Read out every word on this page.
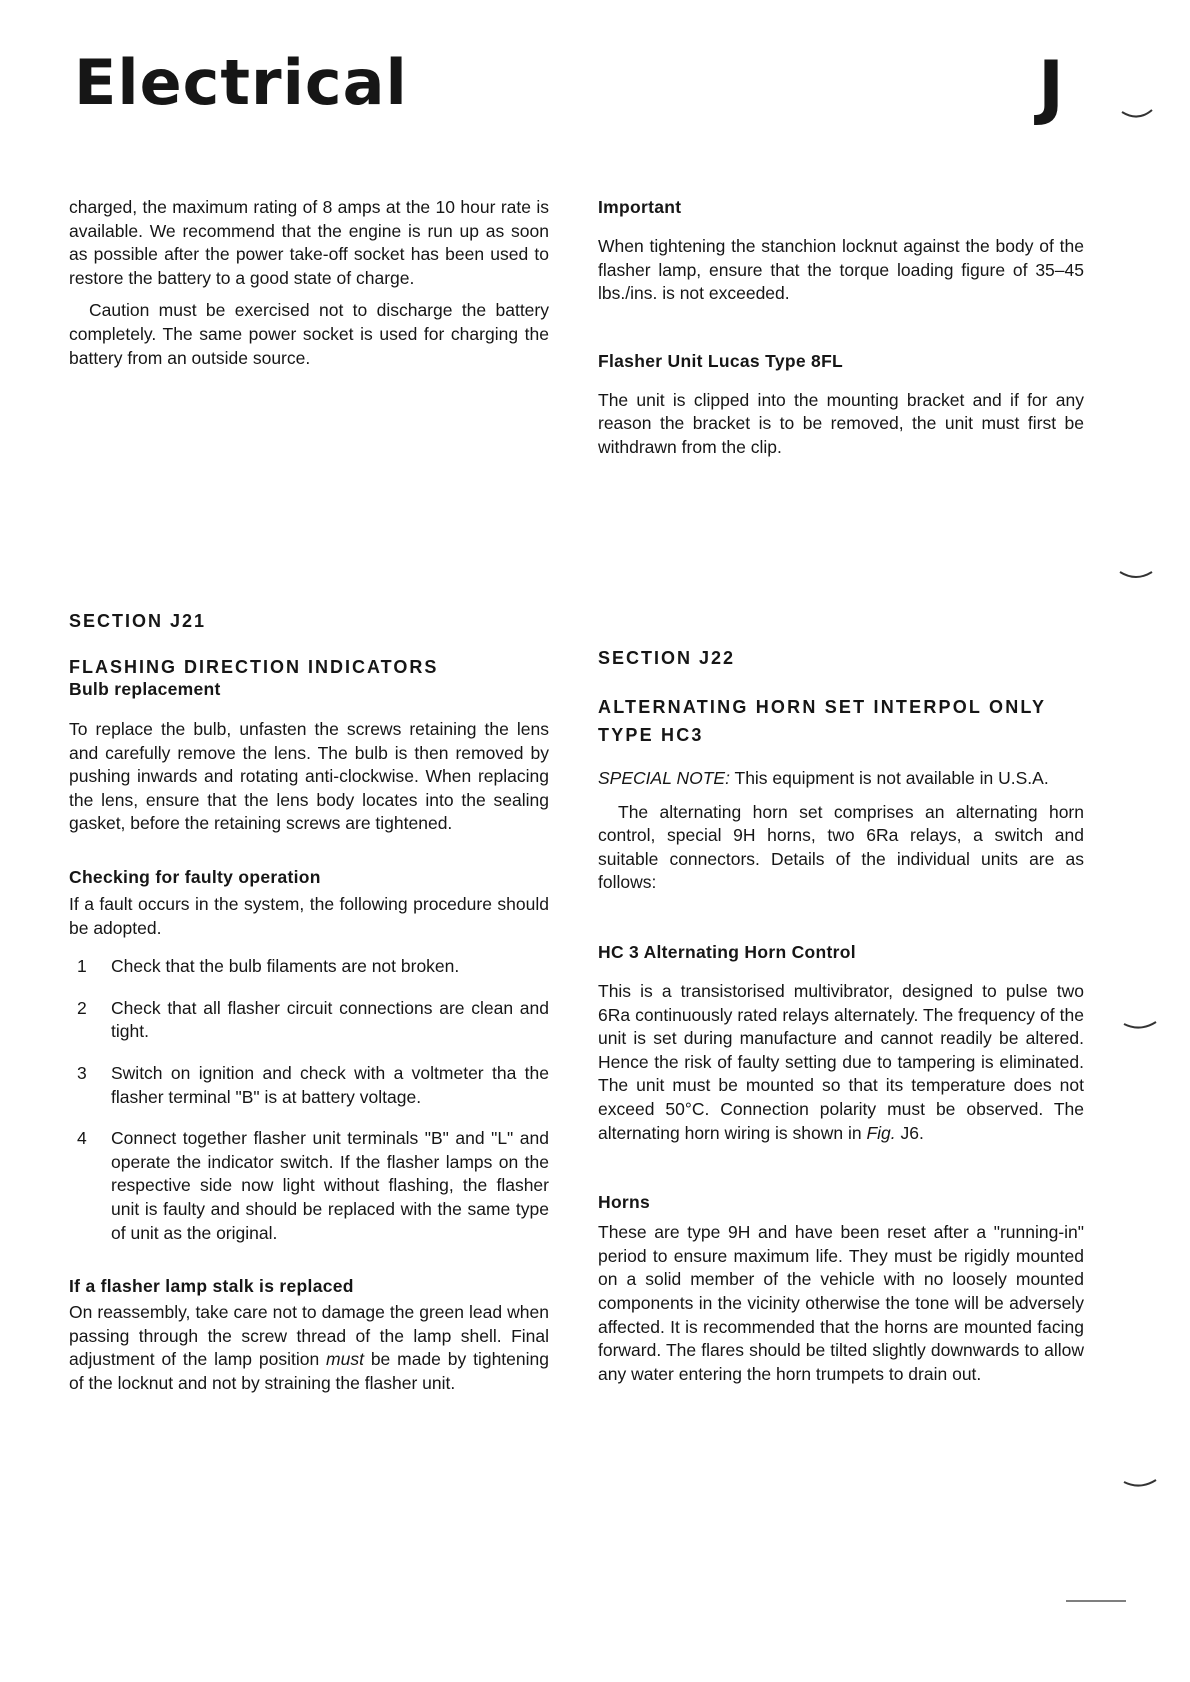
Electrical	J

charged, the maximum rating of 8 amps at the 10 hour rate is available. We recommend that the engine is run up as soon as possible after the power take-off socket has been used to restore the battery to a good state of charge.

Caution must be exercised not to discharge the battery completely. The same power socket is used for charging the battery from an outside source.

Important

When tightening the stanchion locknut against the body of the flasher lamp, ensure that the torque loading figure of 35–45 lbs./ins. is not exceeded.

Flasher Unit Lucas Type 8FL

The unit is clipped into the mounting bracket and if for any reason the bracket is to be removed, the unit must first be withdrawn from the clip.

SECTION J21
FLASHING DIRECTION INDICATORS
Bulb replacement

To replace the bulb, unfasten the screws retaining the lens and carefully remove the lens. The bulb is then removed by pushing inwards and rotating anti-clockwise. When replacing the lens, ensure that the lens body locates into the sealing gasket, before the retaining screws are tightened.

Checking for faulty operation

If a fault occurs in the system, the following procedure should be adopted.

1 Check that the bulb filaments are not broken.
2 Check that all flasher circuit connections are clean and tight.
3 Switch on ignition and check with a voltmeter tha the flasher terminal "B" is at battery voltage.
4 Connect together flasher unit terminals "B" and "L" and operate the indicator switch. If the flasher lamps on the respective side now light without flashing, the flasher unit is faulty and should be replaced with the same type of unit as the original.
If a flasher lamp stalk is replaced

On reassembly, take care not to damage the green lead when passing through the screw thread of the lamp shell. Final adjustment of the lamp position must be made by tightening of the locknut and not by straining the flasher unit.

SECTION J22
ALTERNATING HORN SET INTERPOL ONLY
TYPE HC3

SPECIAL NOTE: This equipment is not available in U.S.A.

The alternating horn set comprises an alternating horn control, special 9H horns, two 6Ra relays, a switch and suitable connectors. Details of the individual units are as follows:

HC 3 Alternating Horn Control

This is a transistorised multivibrator, designed to pulse two 6Ra continuously rated relays alternately. The frequency of the unit is set during manufacture and cannot readily be altered. Hence the risk of faulty setting due to tampering is eliminated. The unit must be mounted so that its temperature does not exceed 50°C. Connection polarity must be observed. The alternating horn wiring is shown in Fig. J6.

Horns

These are type 9H and have been reset after a "running-in" period to ensure maximum life. They must be rigidly mounted on a solid member of the vehicle with no loosely mounted components in the vicinity otherwise the tone will be adversely affected. It is recommended that the horns are mounted facing forward. The flares should be tilted slightly downwards to allow any water entering the horn trumpets to drain out.
